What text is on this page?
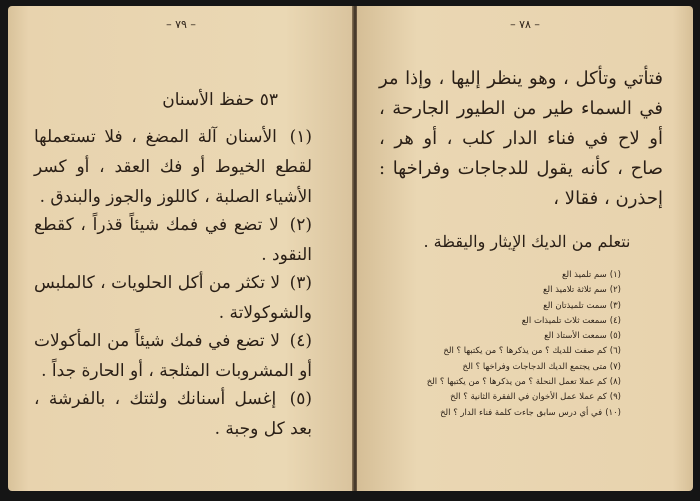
– ٧٩ –
٥٣ حفظ الأسنان
(١) الأسنان آلة المضغ ، فلا تستعملها لقطع الخيوط أو فك العقد ، أو كسر الأشياء الصلبة ، كاللوز والجوز والبندق .
(٢) لا تضع في فمك شيئاً قذراً ، كقطع النقود .
(٣) لا تكثر من أكل الحلويات ، كالملبس والشوكولاتة .
(٤) لا تضع في فمك شيئاً من المأكولات أو المشروبات المثلجة ، أو الحارة جداً .
(٥) إغسل أسنانك ولثتك ، بالفرشة ، بعد كل وجبة .
– ٧٨ –
فتأتي وتأكل ، وهو ينظر إليها ، وإذا مر في السماء طير من الطيور الجارحة ، أو لاح في فناء الدار كلب ، أو هر ، صاح ، كأنه يقول للدجاجات وفراخها : إحذرن ، فقالا ،
نتعلم من الديك الإيثار واليقظة .
(١)سم تلميذ الع
(٢)سم ثلاثة تلاميذ الع
(٣)سمت تلميذتان الع
(٤)سمعت ثلاث تلميذات الع
(٥)سمعت الأستاذ الع
(٦)كم صفت للديك ؟ من يذكرها ؟ من يكتبها ؟ الخ
(٧)متى يجتمع الديك الدجاجات وفراخها ؟ الخ
(٨)كم عملا تعمل النحلة ؟ من يذكرها ؟ من يكتبها ؟ الخ
(٩)كم عملا عمل الأخوان في الفقرة الثانية ؟ الخ
(١٠)في أي درس سابق جاءت كلمة فناء الدار ؟ الخ
